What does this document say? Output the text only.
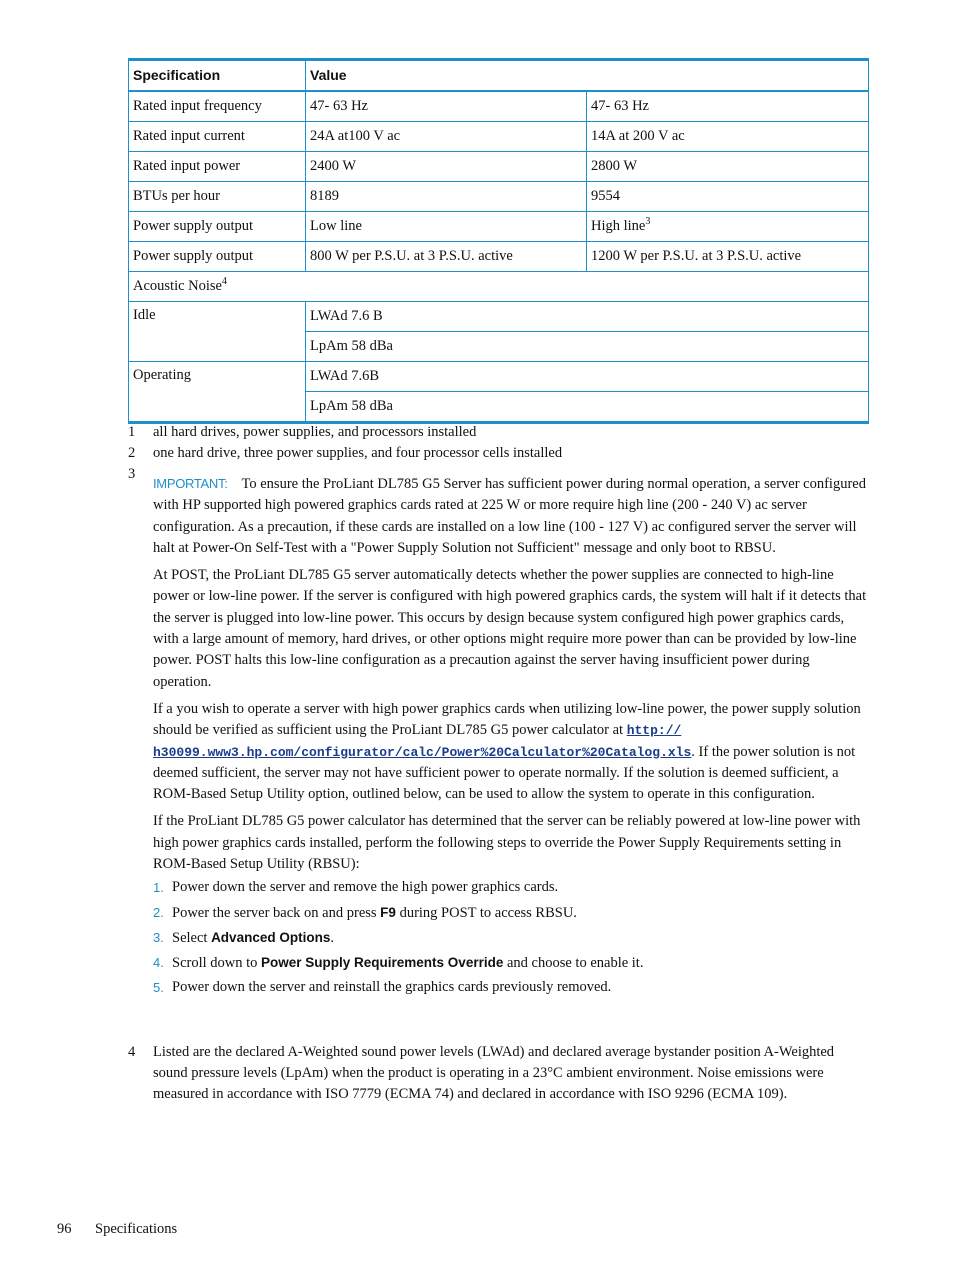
Specification	Value	
Rated input frequency	47- 63 Hz	47- 63 Hz
Rated input current	24A at100 V ac	14A at 200 V ac
Rated input power	2400 W	2800 W
BTUs per hour	8189	9554
Power supply output	Low line	High line$^3$
Power supply output	800 W per P.S.U. at 3 P.S.U. active	1200 W per P.S.U. at 3 P.S.U. active
Acoustic Noise$^4$
Idle	LWAd 7.6 B	
	LpAm 58 dBa	
Operating	LWAd 7.6B	
	LpAm 58 dBa	
1 all hard drives, power supplies, and processors installed
2 one hard drive, three power supplies, and four processor cells installed
3

IMPORTANT: To ensure the ProLiant DL785 G5 Server has sufficient power during normal operation, a server configured with HP supported high powered graphics cards rated at 225 W or more require high line (200 - 240 V) ac server configuration. As a precaution, if these cards are installed on a low line (100 - 127 V) ac configured server the server will halt at Power-On Self-Test with a "Power Supply Solution not Sufficient" message and only boot to RBSU.

At POST, the ProLiant DL785 G5 server automatically detects whether the power supplies are connected to high-line power or low-line power. If the server is configured with high powered graphics cards, the system will halt if it detects that the server is plugged into low-line power. This occurs by design because system configured high power graphics cards, with a large amount of memory, hard drives, or other options might require more power than can be provided by low-line power. POST halts this low-line configuration as a precaution against the server having insufficient power during operation.

If a you wish to operate a server with high power graphics cards when utilizing low-line power, the power supply solution should be verified as sufficient using the ProLiant DL785 G5 power calculator at http://
h30099.www3.hp.com/configurator/calc/Power%20Calculator%20Catalog.xls. If the power solution is not deemed sufficient, the server may not have sufficient power to operate normally. If the solution is deemed sufficient, a ROM-Based Setup Utility option, outlined below, can be used to allow the system to operate in this configuration.

If the ProLiant DL785 G5 power calculator has determined that the server can be reliably powered at low-line power with high power graphics cards installed, perform the following steps to override the Power Supply Requirements setting in ROM-Based Setup Utility (RBSU):

1. Power down the server and remove the high power graphics cards.
2. Power the server back on and press F9 during POST to access RBSU.
3. Select Advanced Options.
4. Scroll down to Power Supply Requirements Override and choose to enable it.
5. Power down the server and reinstall the graphics cards previously removed.
4 Listed are the declared A-Weighted sound power levels (LWAd) and declared average bystander position A-Weighted sound pressure levels (LpAm) when the product is operating in a 23°C ambient environment. Noise emissions were measured in accordance with ISO 7779 (ECMA 74) and declared in accordance with ISO 9296 (ECMA 109).
96 Specifications
